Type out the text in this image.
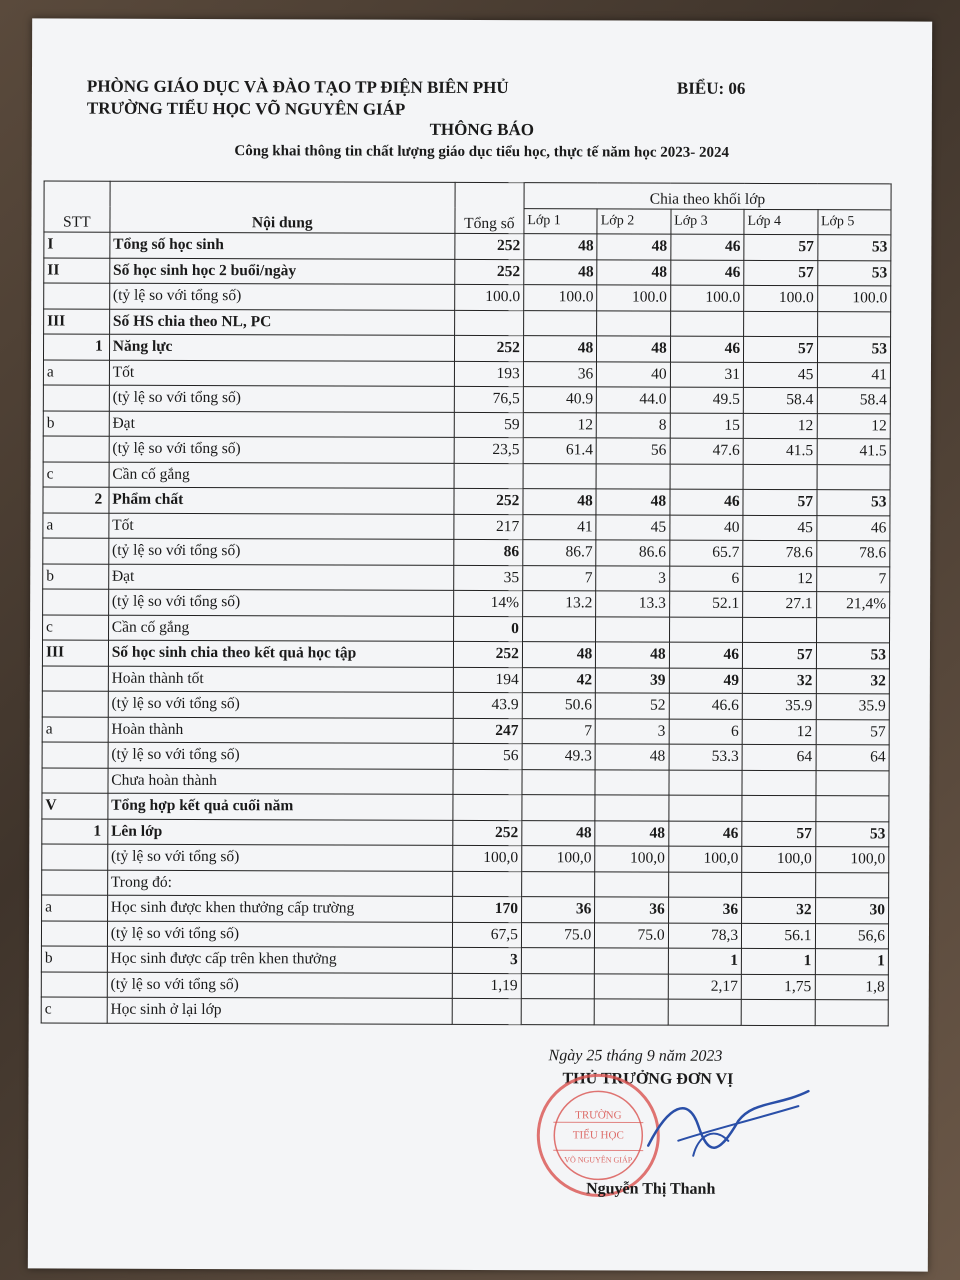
PHÒNG GIÁO DỤC VÀ ĐÀO TẠO TP ĐIỆN BIÊN PHỦ
TRƯỜNG TIỂU HỌC VÕ NGUYÊN GIÁP
BIỂU: 06
THÔNG BÁO
Công khai thông tin chất lượng giáo dục tiểu học, thực tế năm học 2023- 2024
STT	Nội dung	Tổng số	Chia theo khối lớp				
			Lớp 1	Lớp 2	Lớp 3	Lớp 4	Lớp 5
I	Tổng số học sinh	252	48	48	46	57	53
II	Số học sinh học 2 buổi/ngày	252	48	48	46	57	53
	(tỷ lệ so với tổng số)	100.0	100.0	100.0	100.0	100.0	100.0
III	Số HS chia theo NL, PC						
1	Năng lực	252	48	48	46	57	53
a	Tốt	193	36	40	31	45	41
	(tỷ lệ so với tổng số)	76,5	40.9	44.0	49.5	58.4	58.4
b	Đạt	59	12	8	15	12	12
	(tỷ lệ so với tổng số)	23,5	61.4	56	47.6	41.5	41.5
c	Cần cố gắng						
2	Phẩm chất	252	48	48	46	57	53
a	Tốt	217	41	45	40	45	46
	(tỷ lệ so với tổng số)	86	86.7	86.6	65.7	78.6	78.6
b	Đạt	35	7	3	6	12	7
	(tỷ lệ so với tổng số)	14%	13.2	13.3	52.1	27.1	21,4%
c	Cần cố gắng	0					
III	Số học sinh chia theo kết quả học tập	252	48	48	46	57	53
	Hoàn thành tốt	194	42	39	49	32	32
	(tỷ lệ so với tổng số)	43.9	50.6	52	46.6	35.9	35.9
a	Hoàn thành	247	7	3	6	12	57
	(tỷ lệ so với tổng số)	56	49.3	48	53.3	64	64
	Chưa hoàn thành						
V	Tổng hợp kết quả cuối năm						
1	Lên lớp	252	48	48	46	57	53
	(tỷ lệ so với tổng số)	100,0	100,0	100,0	100,0	100,0	100,0
	Trong đó:						
a	Học sinh được khen thưởng cấp trường	170	36	36	36	32	30
	(tỷ lệ so với tổng số)	67,5	75.0	75.0	78,3	56.1	56,6
b	Học sinh được cấp trên khen thưởng	3			1	1	1
	(tỷ lệ so với tổng số)	1,19			2,17	1,75	1,8
c	Học sinh ở lại lớp						
Ngày 25 tháng 9 năm 2023
THỦ TRƯỞNG ĐƠN VỊ
TRƯỜNG
TIỂU HỌC
VÕ NGUYÊN GIÁP
Nguyễn Thị Thanh
